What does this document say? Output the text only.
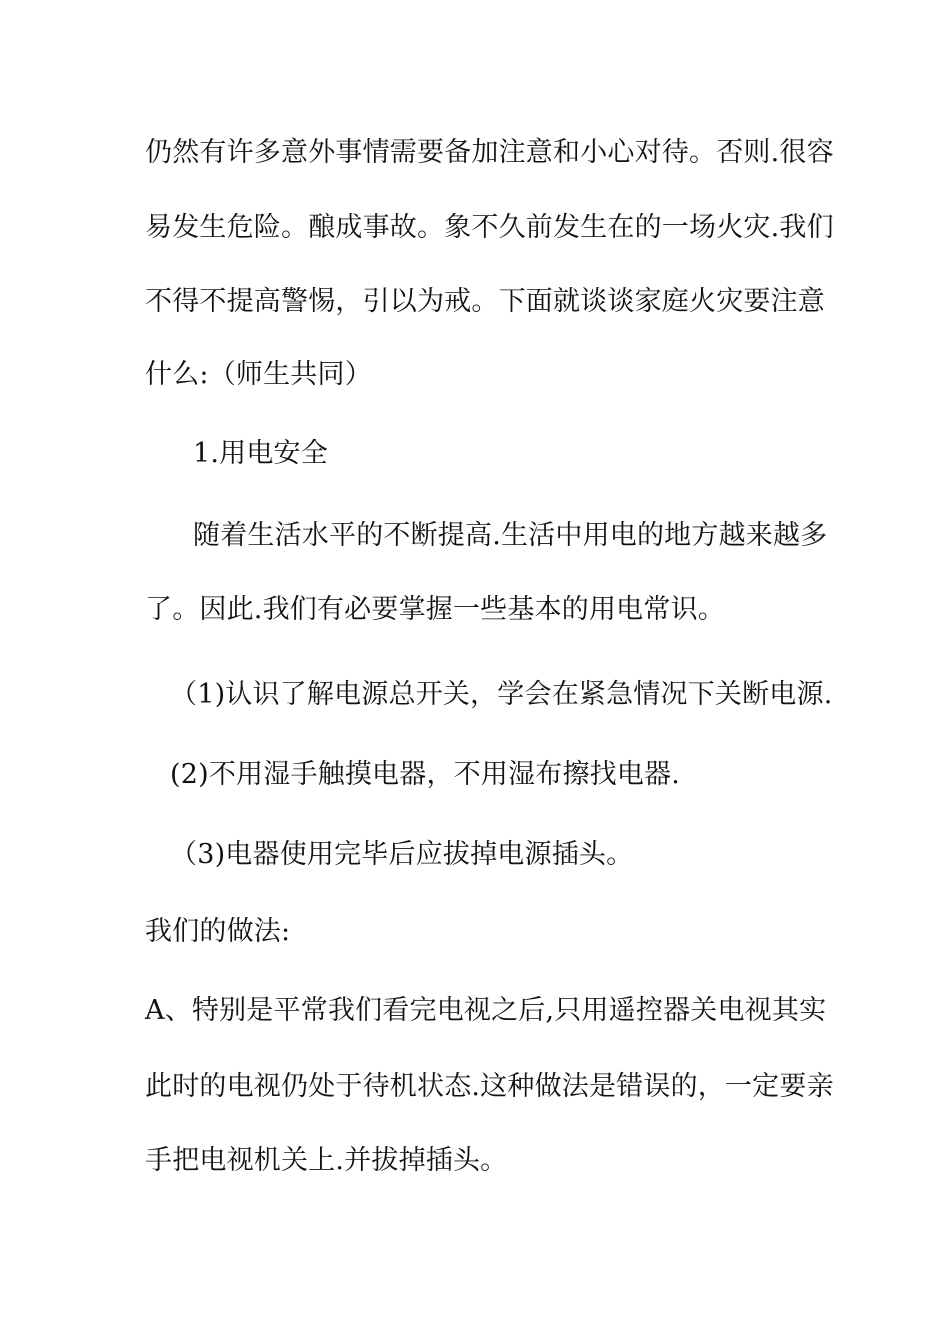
仍然有许多意外事情需要备加注意和小心对待。否则.很容
易发生危险。酿成事故。象不久前发生在的一场火灾.我们
不得不提高警惕，引以为戒。下面就谈谈家庭火灾要注意
什么:（师生共同）
1.用电安全
随着生活水平的不断提高.生活中用电的地方越来越多
了。因此.我们有必要掌握一些基本的用电常识。
（1)认识了解电源总开关，学会在紧急情况下关断电源.
(2)不用湿手触摸电器，不用湿布擦找电器.
（3)电器使用完毕后应拔掉电源插头。
我们的做法:
A、特别是平常我们看完电视之后,只用遥控器关电视其实
此时的电视仍处于待机状态.这种做法是错误的，一定要亲
手把电视机关上.并拔掉插头。
